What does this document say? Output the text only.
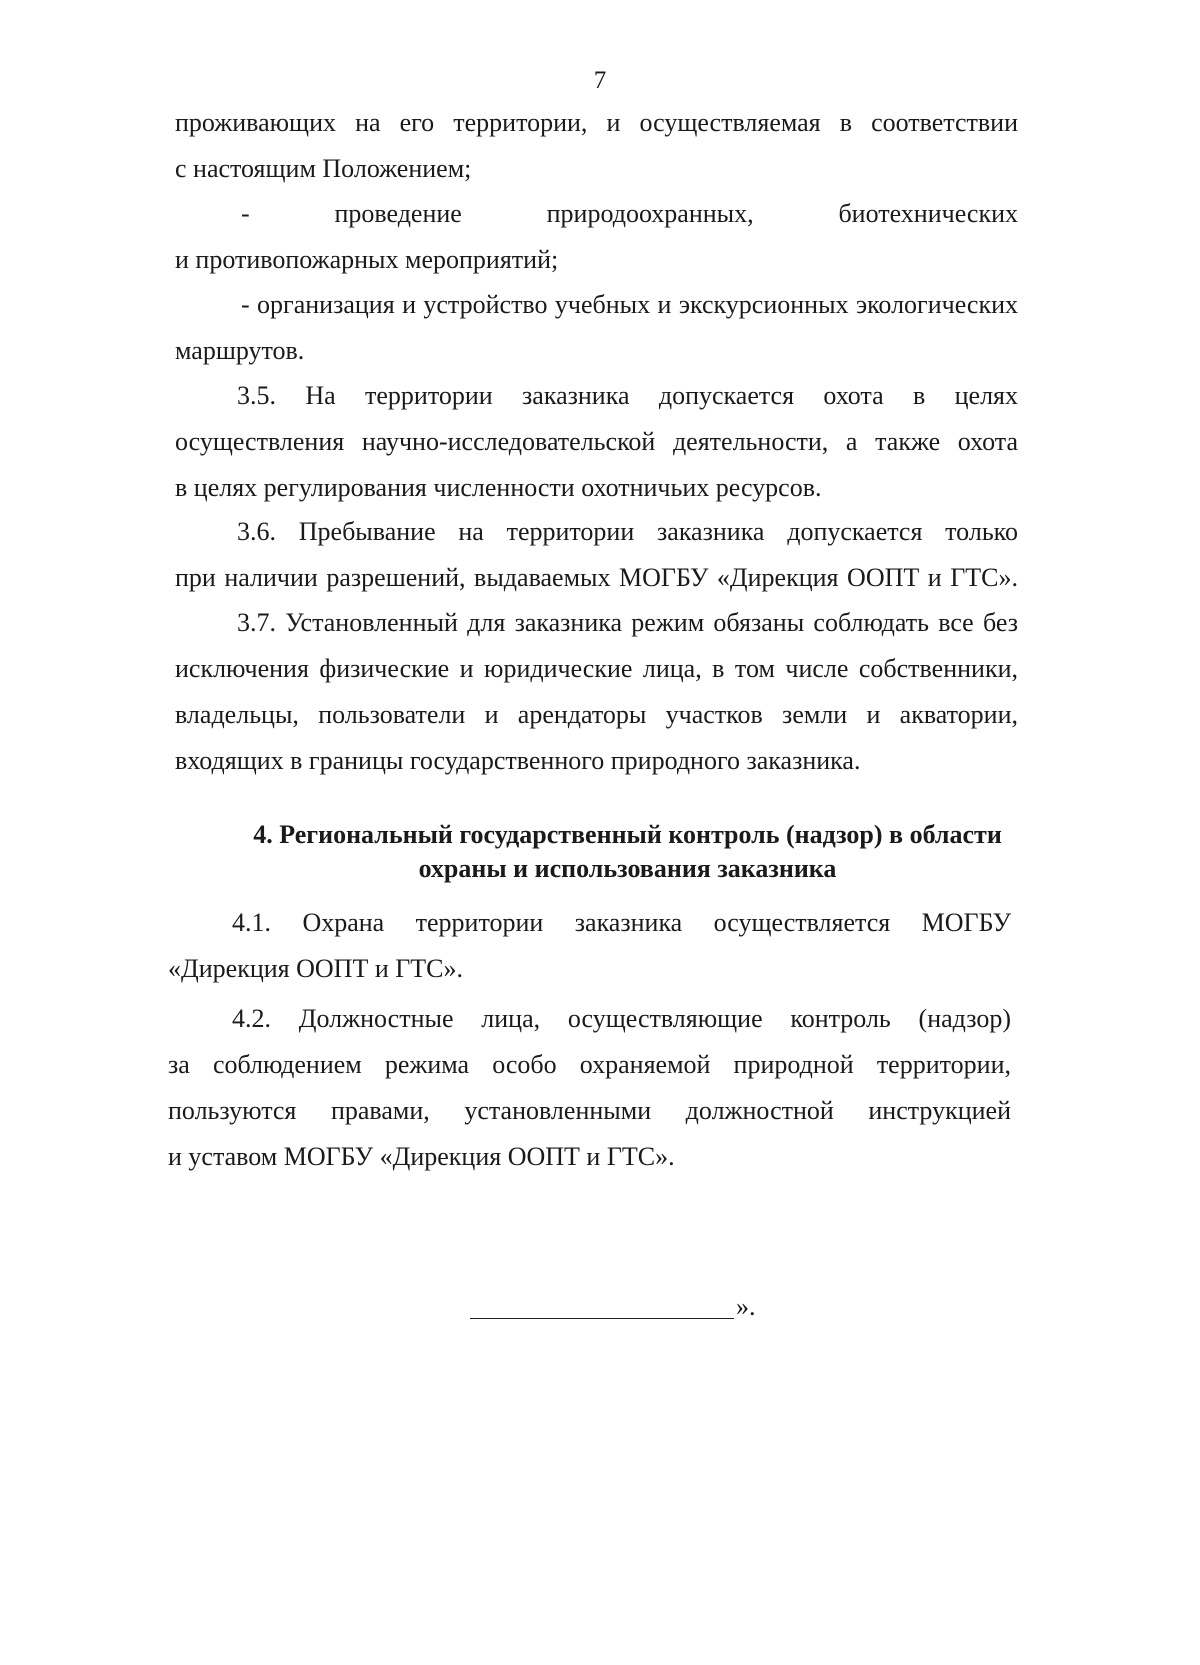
7
проживающих на его территории, и осуществляемая в соответствии
с настоящим Положением;
- проведение природоохранных, биотехнических
и противопожарных мероприятий;
- организация и устройство учебных и экскурсионных экологических
маршрутов.
3.5. На территории заказника допускается охота в целях
осуществления научно-исследовательской деятельности, а также охота
в целях регулирования численности охотничьих ресурсов.
3.6. Пребывание на территории заказника допускается только
при наличии разрешений, выдаваемых МОГБУ «Дирекция ООПТ и ГТС».
3.7. Установленный для заказника режим обязаны соблюдать все без
исключения физические и юридические лица, в том числе собственники,
владельцы, пользователи и арендаторы участков земли и акватории,
входящих в границы государственного природного заказника.
4. Региональный государственный контроль (надзор) в области
охраны и использования заказника
4.1. Охрана территории заказника осуществляется МОГБУ
«Дирекция ООПТ и ГТС».
4.2. Должностные лица, осуществляющие контроль (надзор)
за соблюдением режима особо охраняемой природной территории,
пользуются правами, установленными должностной инструкцией
и уставом МОГБУ «Дирекция ООПТ и ГТС».
».
